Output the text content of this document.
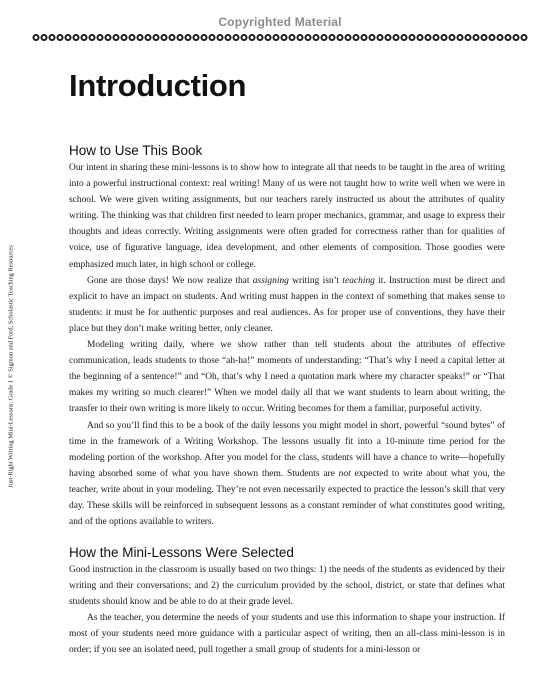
Copyrighted Material
Just-Right Writing Mini-Lessons: Grade 1 © Sigmon and Ford, Scholastic Teaching Resources
Introduction
How to Use This Book

Our intent in sharing these mini-lessons is to show how to integrate all that needs to be taught in the area of writing into a powerful instructional context: real writing! Many of us were not taught how to write well when we were in school. We were given writing assignments, but our teachers rarely instructed us about the attributes of quality writing. The thinking was that children first needed to learn proper mechanics, grammar, and usage to express their thoughts and ideas correctly. Writing assignments were often graded for correctness rather than for qualities of voice, use of figurative language, idea development, and other elements of composition. Those goodies were emphasized much later, in high school or college.

Gone are those days! We now realize that assigning writing isn’t teaching it. Instruction must be direct and explicit to have an impact on students. And writing must happen in the context of something that makes sense to students: it must be for authentic purposes and real audiences. As for proper use of conventions, they have their place but they don’t make writing better, only cleaner.

Modeling writing daily, where we show rather than tell students about the attributes of effective communication, leads students to those “ah-ha!” moments of understanding: “That’s why I need a capital letter at the beginning of a sentence!” and “Oh, that’s why I need a quotation mark where my character speaks!” or “That makes my writing so much clearer!” When we model daily all that we want students to learn about writing, the transfer to their own writing is more likely to occur. Writing becomes for them a familiar, purposeful activity.

And so you’ll find this to be a book of the daily lessons you might model in short, powerful “sound bytes” of time in the framework of a Writing Workshop. The lessons usually fit into a 10-minute time period for the modeling portion of the workshop. After you model for the class, students will have a chance to write—hopefully having absorbed some of what you have shown them. Students are not expected to write about what you, the teacher, write about in your modeling. They’re not even necessarily expected to practice the lesson’s skill that very day. These skills will be reinforced in subsequent lessons as a constant reminder of what constitutes good writing, and of the options available to writers.

How the Mini-Lessons Were Selected

Good instruction in the classroom is usually based on two things: 1) the needs of the students as evidenced by their writing and their conversations; and 2) the curriculum provided by the school, district, or state that defines what students should know and be able to do at their grade level.

As the teacher, you determine the needs of your students and use this information to shape your instruction. If most of your students need more guidance with a particular aspect of writing, then an all-class mini-lesson is in order; if you see an isolated need, pull together a small group of students for a mini-lesson or
